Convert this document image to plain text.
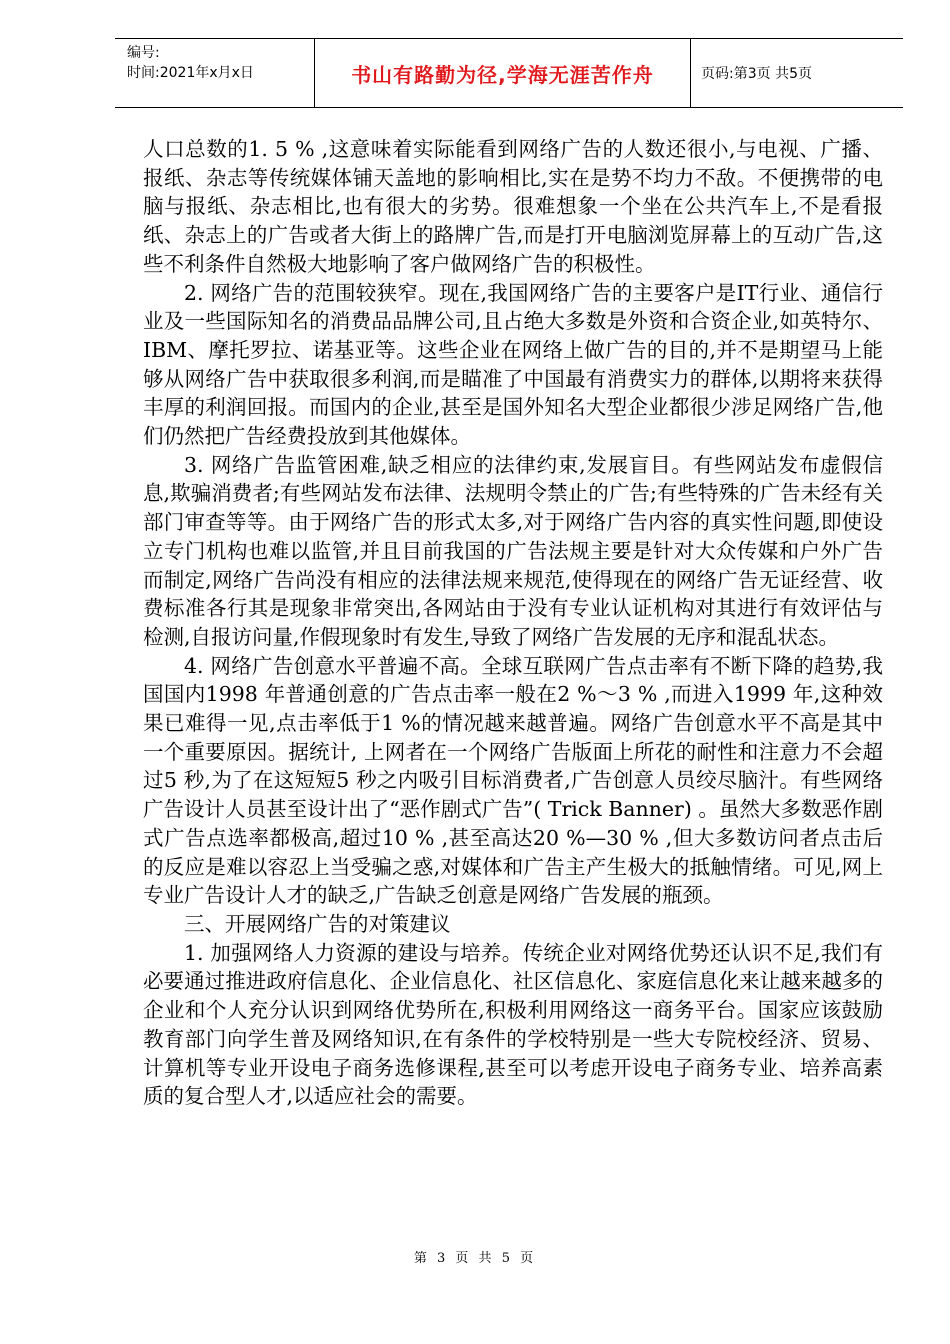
编号:
时间:2021年x月x日	书山有路勤为径,学海无涯苦作舟	页码:第3页 共5页

人口总数的1. 5 % ,这意味着实际能看到网络广告的人数还很小,与电视、广播、报纸、杂志等传统媒体铺天盖地的影响相比,实在是势不均力不敌。不便携带的电脑与报纸、杂志相比,也有很大的劣势。很难想象一个坐在公共汽车上,不是看报纸、杂志上的广告或者大街上的路牌广告,而是打开电脑浏览屏幕上的互动广告,这些不利条件自然极大地影响了客户做网络广告的积极性。

2. 网络广告的范围较狭窄。现在,我国网络广告的主要客户是IT行业、通信行业及一些国际知名的消费品品牌公司,且占绝大多数是外资和合资企业,如英特尔、IBM、摩托罗拉、诺基亚等。这些企业在网络上做广告的目的,并不是期望马上能够从网络广告中获取很多利润,而是瞄准了中国最有消费实力的群体,以期将来获得丰厚的利润回报。而国内的企业,甚至是国外知名大型企业都很少涉足网络广告,他们仍然把广告经费投放到其他媒体。

3. 网络广告监管困难,缺乏相应的法律约束,发展盲目。有些网站发布虚假信息,欺骗消费者;有些网站发布法律、法规明令禁止的广告;有些特殊的广告未经有关部门审查等等。由于网络广告的形式太多,对于网络广告内容的真实性问题,即使设立专门机构也难以监管,并且目前我国的广告法规主要是针对大众传媒和户外广告而制定,网络广告尚没有相应的法律法规来规范,使得现在的网络广告无证经营、收费标准各行其是现象非常突出,各网站由于没有专业认证机构对其进行有效评估与检测,自报访问量,作假现象时有发生,导致了网络广告发展的无序和混乱状态。

4. 网络广告创意水平普遍不高。全球互联网广告点击率有不断下降的趋势,我国国内1998 年普通创意的广告点击率一般在2 %～3 % ,而进入1999 年,这种效果已难得一见,点击率低于1 %的情况越来越普遍。网络广告创意水平不高是其中一个重要原因。据统计, 上网者在一个网络广告版面上所花的耐性和注意力不会超过5 秒,为了在这短短5 秒之内吸引目标消费者,广告创意人员绞尽脑汁。有些网络广告设计人员甚至设计出了“恶作剧式广告”( Trick Banner) 。虽然大多数恶作剧式广告点选率都极高,超过10 % ,甚至高达20 %—30 % ,但大多数访问者点击后的反应是难以容忍上当受骗之惑,对媒体和广告主产生极大的抵触情绪。可见,网上专业广告设计人才的缺乏,广告缺乏创意是网络广告发展的瓶颈。

三、开展网络广告的对策建议

1. 加强网络人力资源的建设与培养。传统企业对网络优势还认识不足,我们有必要通过推进政府信息化、企业信息化、社区信息化、家庭信息化来让越来越多的企业和个人充分认识到网络优势所在,积极利用网络这一商务平台。国家应该鼓励教育部门向学生普及网络知识,在有条件的学校特别是一些大专院校经济、贸易、计算机等专业开设电子商务选修课程,甚至可以考虑开设电子商务专业、培养高素质的复合型人才,以适应社会的需要。

第 3 页 共 5 页
